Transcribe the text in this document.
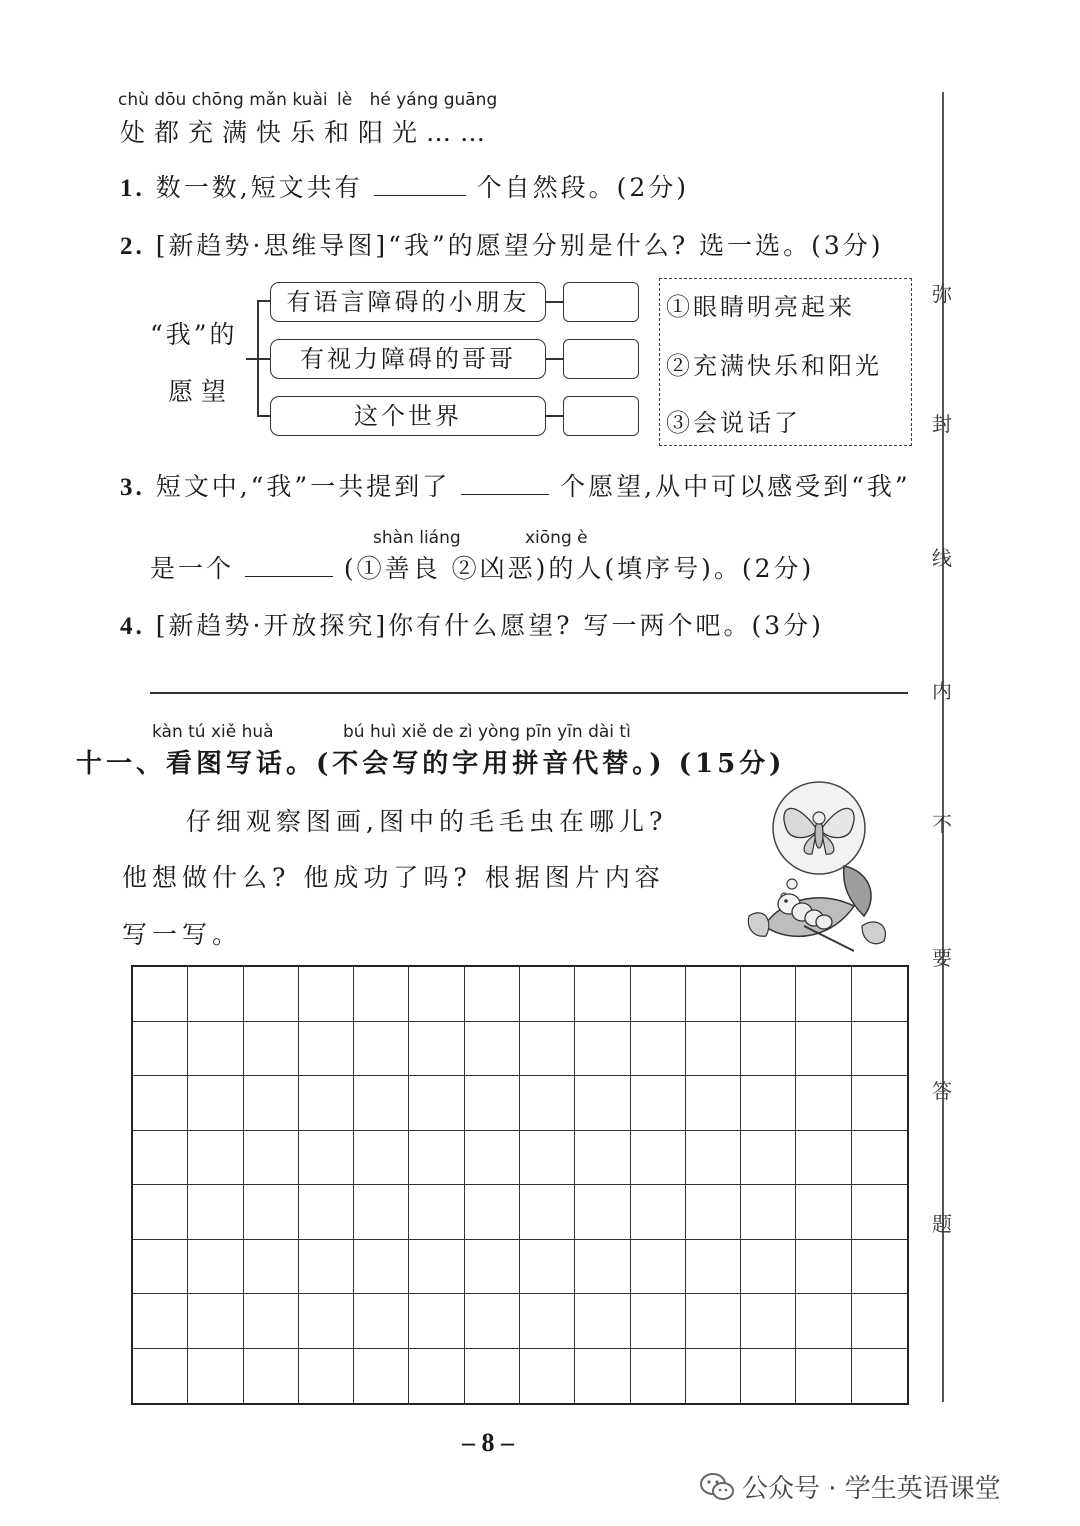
chù dōu chōng mǎn kuài lè hé yáng guāng
处都充满快乐和阳光……
1. 数一数,短文共有	个自然段。(2分)
2. [新趋势·思维导图]“我”的愿望分别是什么? 选一选。(3分)
“我”的
愿望
有语言障碍的小朋友
有视力障碍的哥哥
这个世界
①眼睛明亮起来
②充满快乐和阳光
③会说话了
3. 短文中,“我”一共提到了	个愿望,从中可以感受到“我”
shàn liáng	xiōng è
是一个	(①善良 ②凶恶)的人(填序号)。(2分)
4. [新趋势·开放探究]你有什么愿望? 写一两个吧。(3分)
kàn tú xiě huà	bú huì xiě de zì yòng pīn yīn dài tì
十一、看图写话。(不会写的字用拼音代替。) (15分)
仔细观察图画,图中的毛毛虫在哪儿?
他想做什么? 他成功了吗? 根据图片内容
写一写。
弥
封
线
内
不
要
答
题
– 8 –
公众号 · 学生英语课堂
